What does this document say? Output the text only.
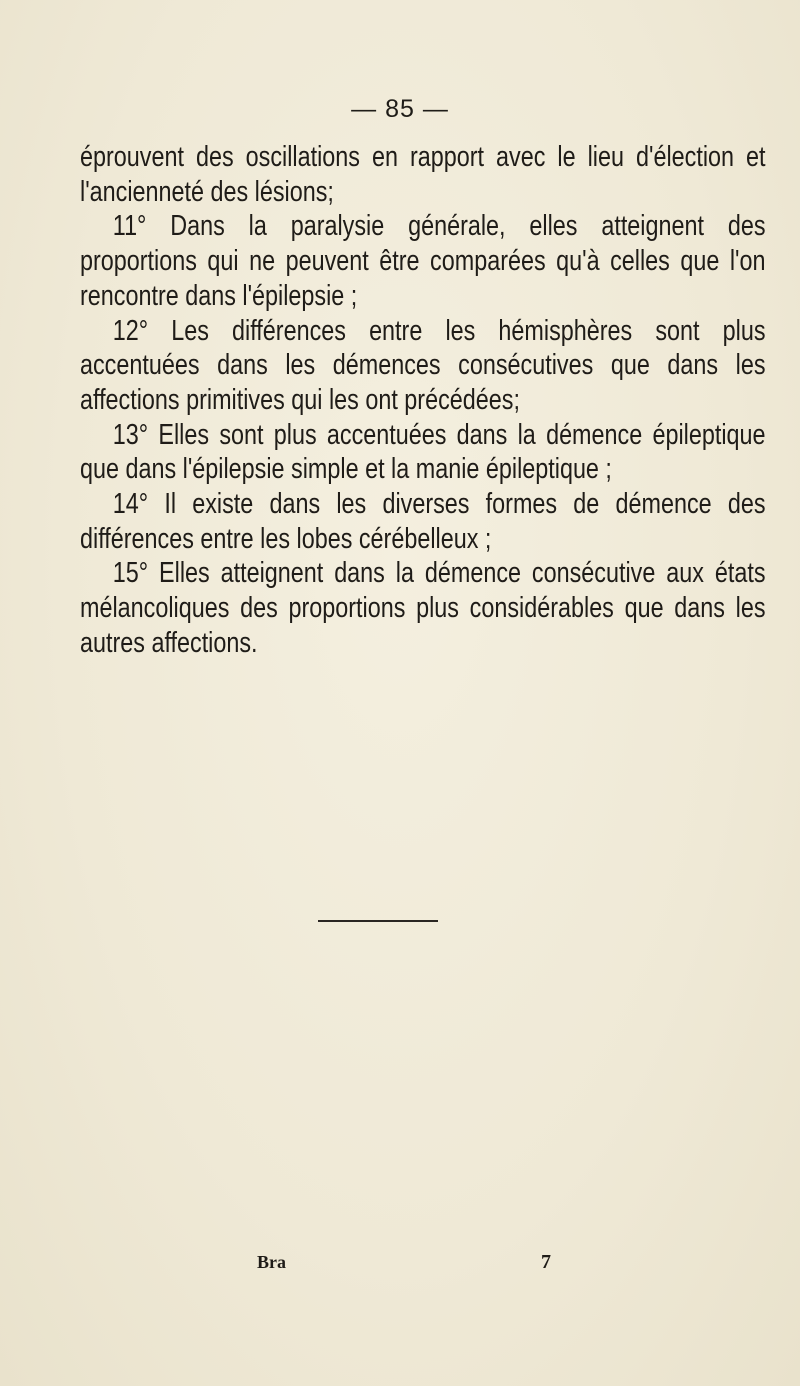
— 85 —

éprouvent des oscillations en rapport avec le lieu d'élection et l'ancienneté des lésions;

11° Dans la paralysie générale, elles atteignent des proportions qui ne peuvent être comparées qu'à celles que l'on rencontre dans l'épilepsie ;

12° Les différences entre les hémisphères sont plus accentuées dans les démences consécutives que dans les affections primitives qui les ont précédées;

13° Elles sont plus accentuées dans la démence épileptique que dans l'épilepsie simple et la manie épileptique ;

14° Il existe dans les diverses formes de démence des différences entre les lobes cérébelleux ;

15° Elles atteignent dans la démence consécutive aux états mélancoliques des proportions plus considérables que dans les autres affections.

Bra	7
